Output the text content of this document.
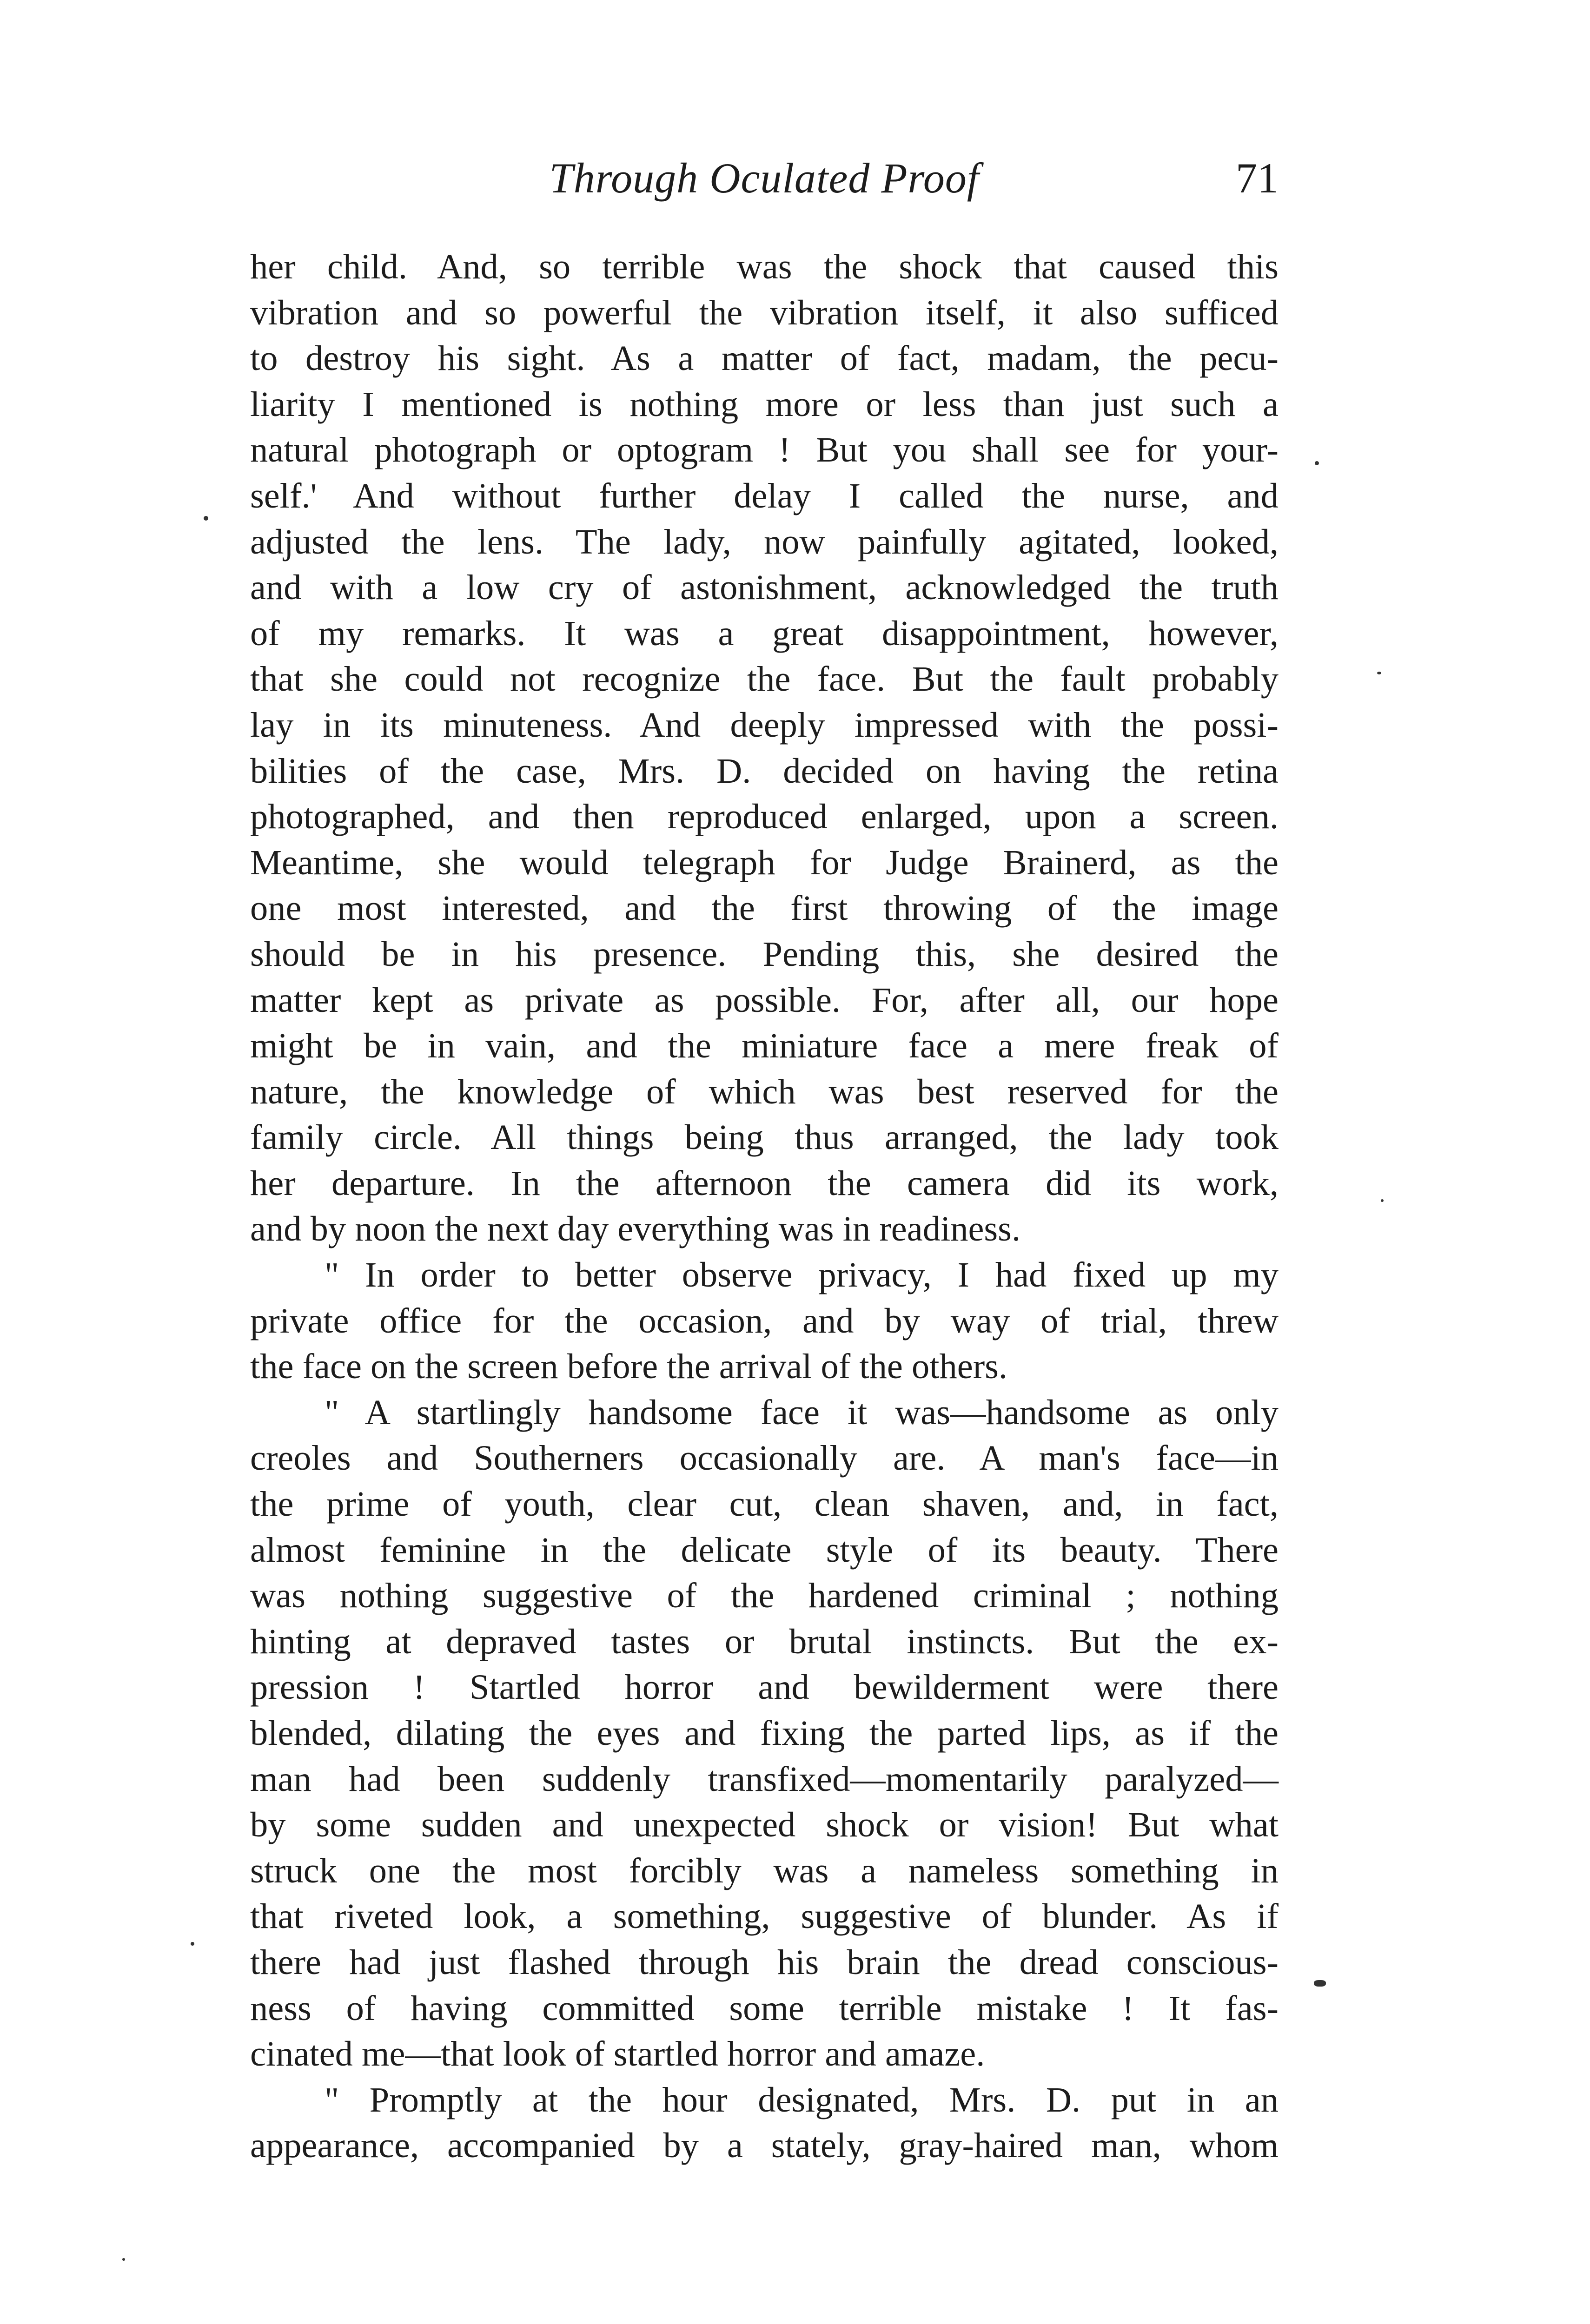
Through Oculated Proof	71
her child. And, so terrible was the shock that caused this
vibration and so powerful the vibration itself, it also sufficed
to destroy his sight. As a matter of fact, madam, the pecu-
liarity I mentioned is nothing more or less than just such a
natural photograph or optogram ! But you shall see for your-
self.' And without further delay I called the nurse, and
adjusted the lens. The lady, now painfully agitated, looked,
and with a low cry of astonishment, acknowledged the truth
of my remarks. It was a great disappointment, however,
that she could not recognize the face. But the fault probably
lay in its minuteness. And deeply impressed with the possi-
bilities of the case, Mrs. D. decided on having the retina
photographed, and then reproduced enlarged, upon a screen.
Meantime, she would telegraph for Judge Brainerd, as the
one most interested, and the first throwing of the image
should be in his presence. Pending this, she desired the
matter kept as private as possible. For, after all, our hope
might be in vain, and the miniature face a mere freak of
nature, the knowledge of which was best reserved for the
family circle. All things being thus arranged, the lady took
her departure. In the afternoon the camera did its work,
and by noon the next day everything was in readiness.
" In order to better observe privacy, I had fixed up my
private office for the occasion, and by way of trial, threw
the face on the screen before the arrival of the others.
" A startlingly handsome face it was—handsome as only
creoles and Southerners occasionally are. A man's face—in
the prime of youth, clear cut, clean shaven, and, in fact,
almost feminine in the delicate style of its beauty. There
was nothing suggestive of the hardened criminal ; nothing
hinting at depraved tastes or brutal instincts. But the ex-
pression ! Startled horror and bewilderment were there
blended, dilating the eyes and fixing the parted lips, as if the
man had been suddenly transfixed—momentarily paralyzed—
by some sudden and unexpected shock or vision! But what
struck one the most forcibly was a nameless something in
that riveted look, a something, suggestive of blunder. As if
there had just flashed through his brain the dread conscious-
ness of having committed some terrible mistake ! It fas-
cinated me—that look of startled horror and amaze.
" Promptly at the hour designated, Mrs. D. put in an
appearance, accompanied by a stately, gray-haired man, whom
